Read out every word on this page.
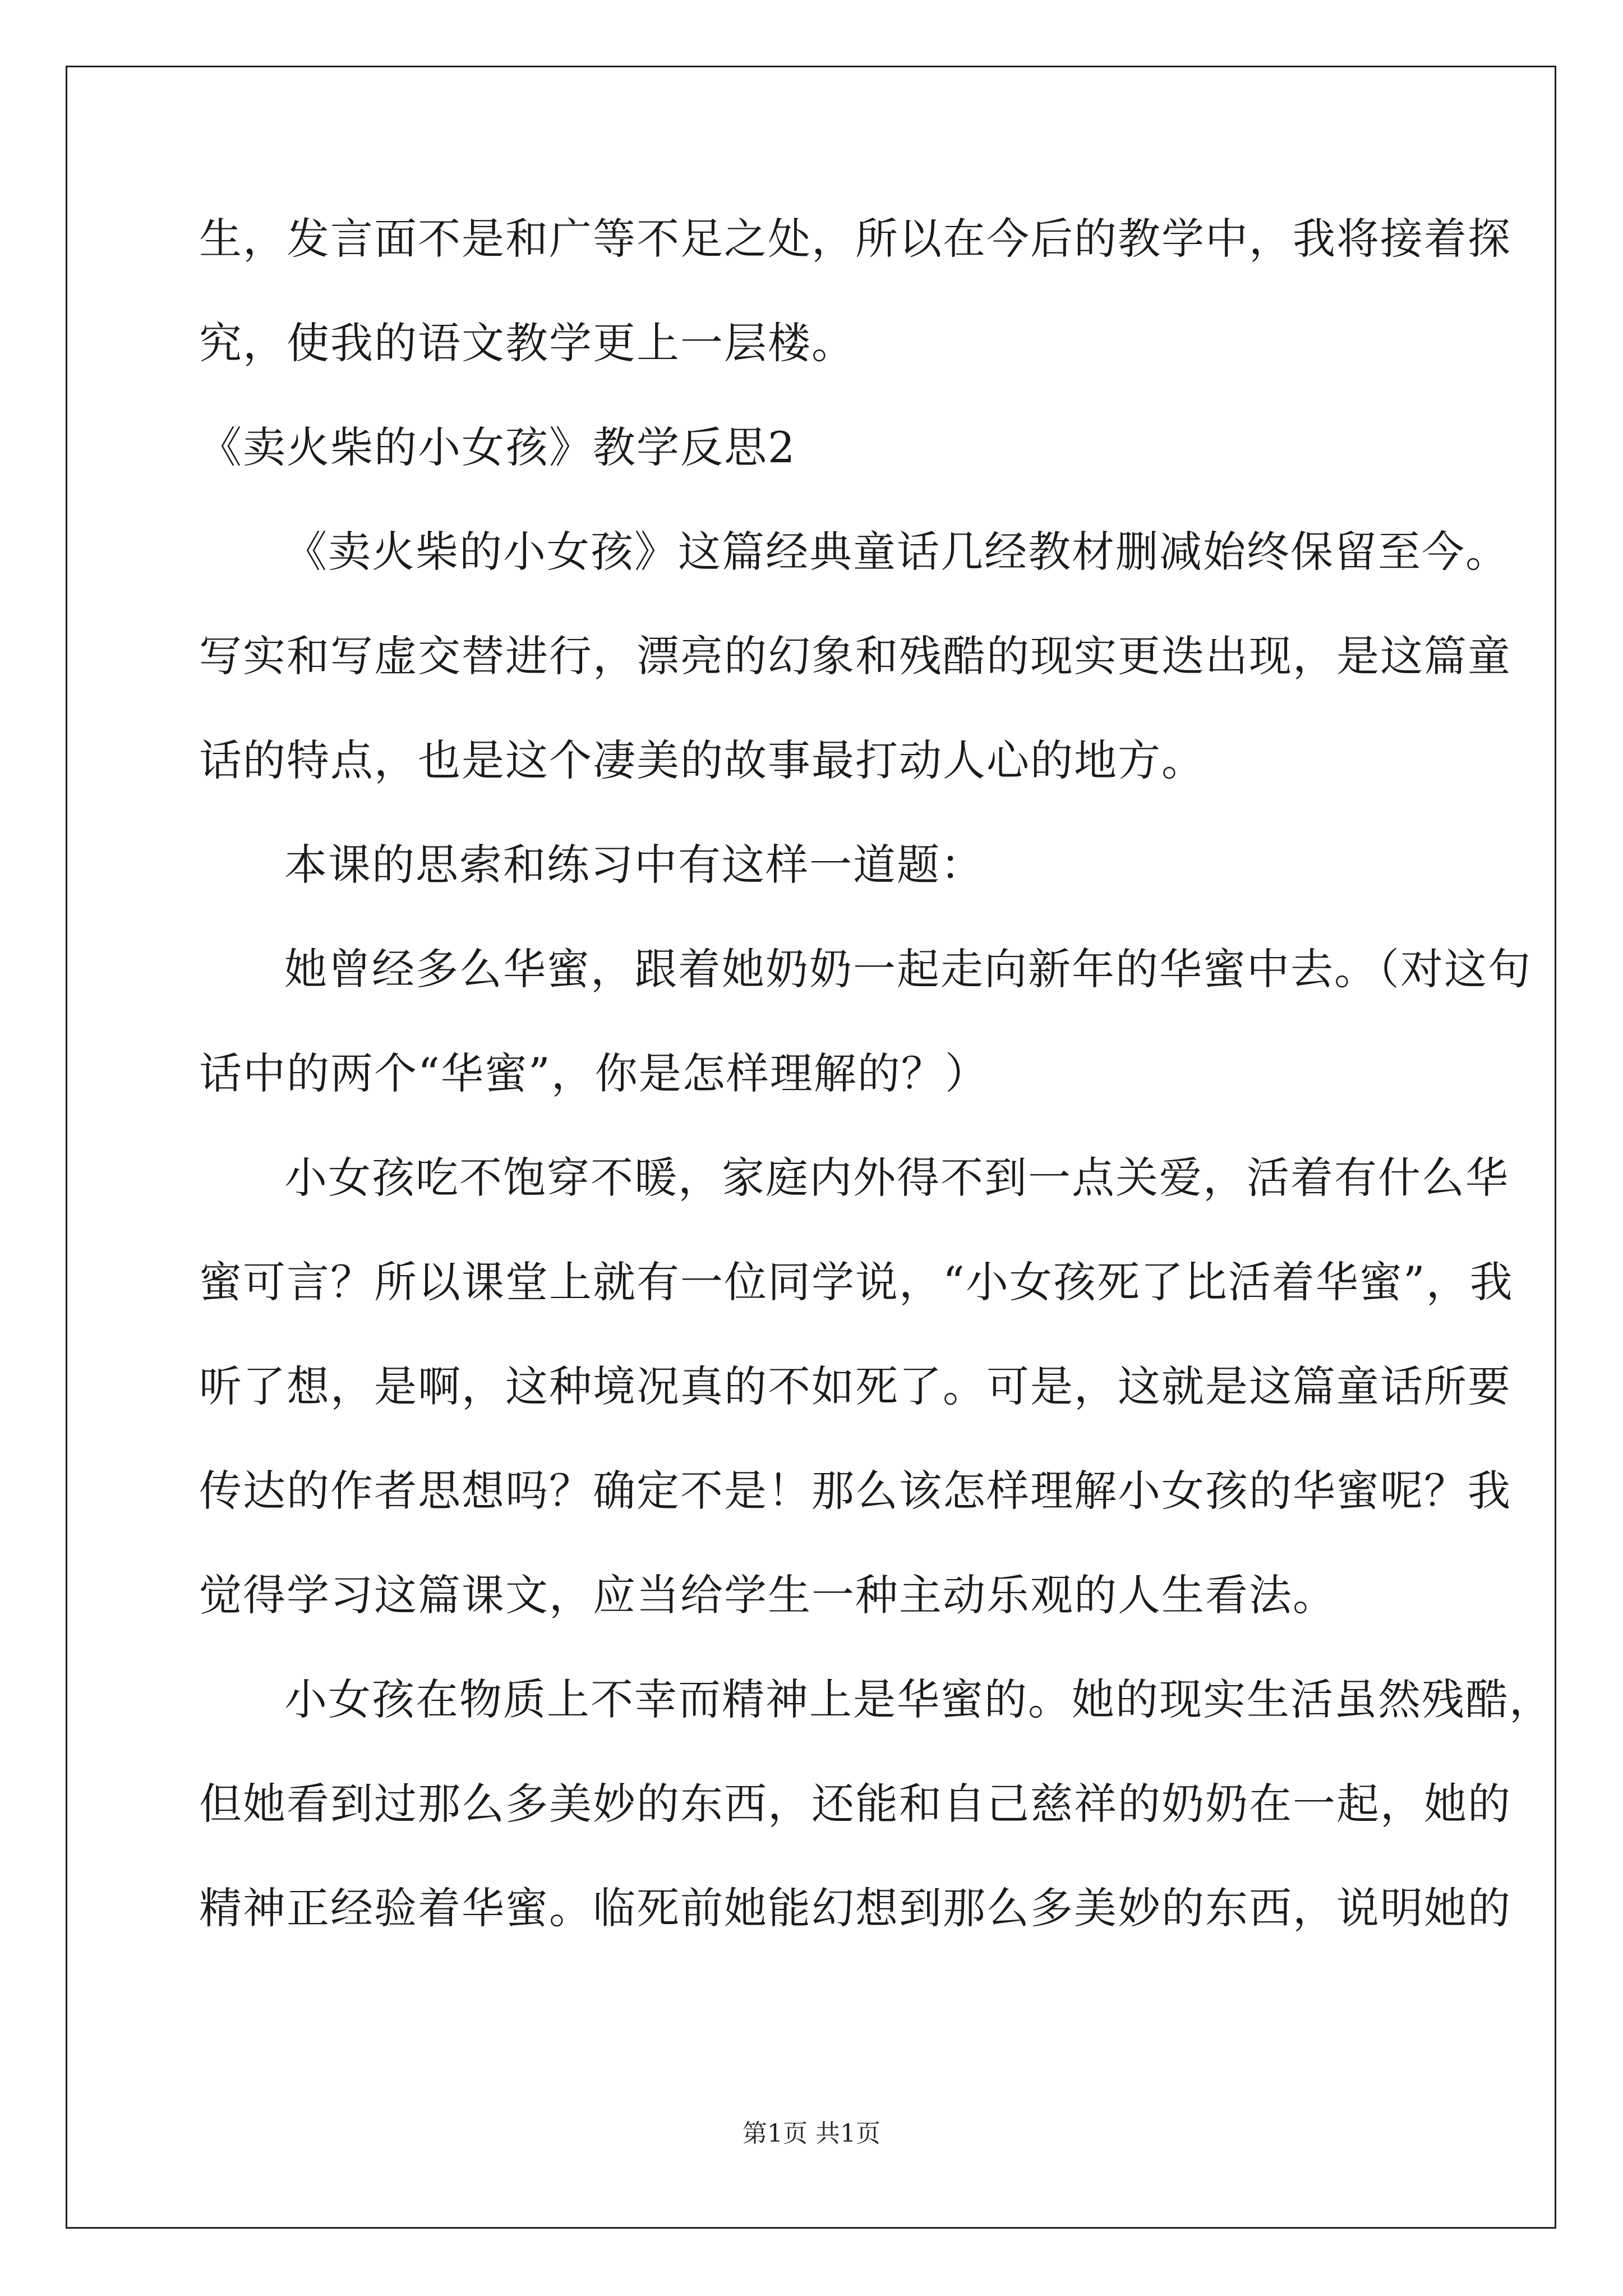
生，发言面不是和广等不足之处，所以在今后的教学中，我将接着探
究，使我的语文教学更上一层楼。
《卖火柴的小女孩》教学反思2
《卖火柴的小女孩》这篇经典童话几经教材删减始终保留至今。
写实和写虚交替进行，漂亮的幻象和残酷的现实更迭出现，是这篇童
话的特点，也是这个凄美的故事最打动人心的地方。
本课的思索和练习中有这样一道题：
她曾经多么华蜜，跟着她奶奶一起走向新年的华蜜中去。（对这句
话中的两个“华蜜”，你是怎样理解的？）
小女孩吃不饱穿不暖，家庭内外得不到一点关爱，活着有什么华
蜜可言？所以课堂上就有一位同学说，“小女孩死了比活着华蜜”，我
听了想，是啊，这种境况真的不如死了。可是，这就是这篇童话所要
传达的作者思想吗？确定不是！那么该怎样理解小女孩的华蜜呢？我
觉得学习这篇课文，应当给学生一种主动乐观的人生看法。
小女孩在物质上不幸而精神上是华蜜的。她的现实生活虽然残酷，
但她看到过那么多美妙的东西，还能和自己慈祥的奶奶在一起，她的
精神正经验着华蜜。临死前她能幻想到那么多美妙的东西，说明她的
第1页 共1页
